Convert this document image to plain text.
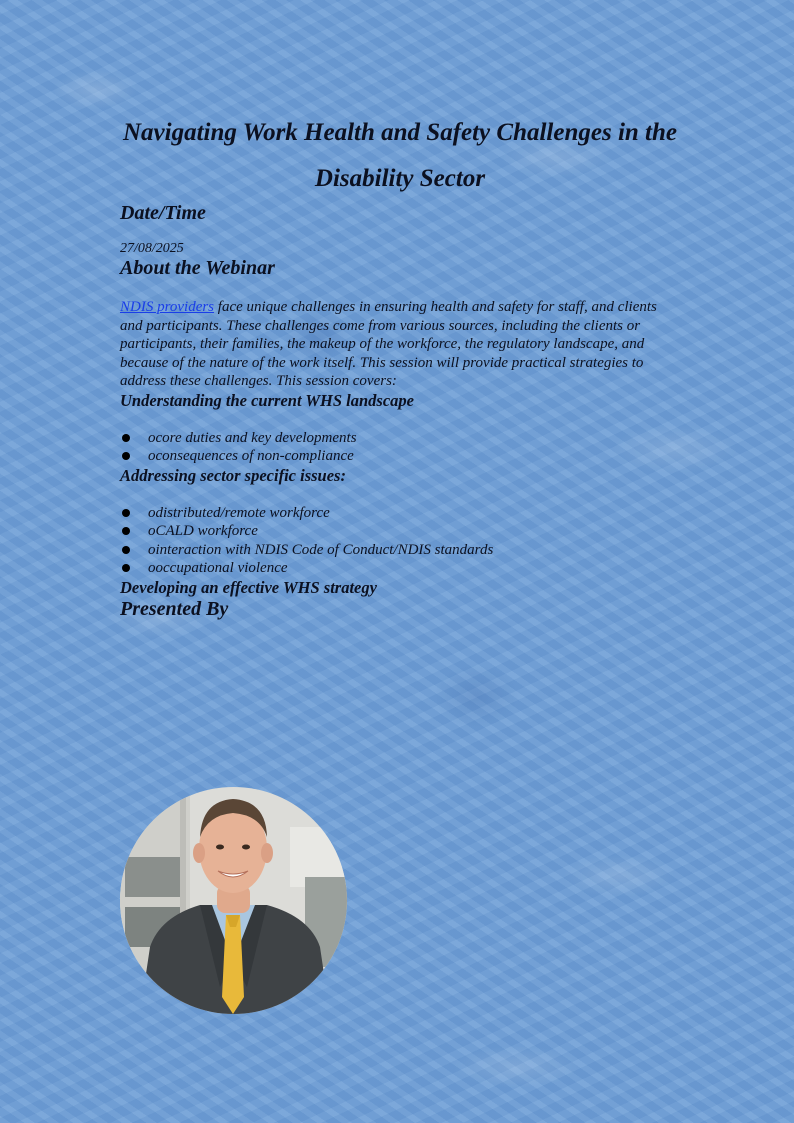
Navigating Work Health and Safety Challenges in the Disability Sector
Date/Time

27/08/2025

About the Webinar

NDIS providers face unique challenges in ensuring health and safety for staff, and clients and participants. These challenges come from various sources, including the clients or participants, their families, the makeup of the workforce, the regulatory landscape, and because of the nature of the work itself. This session will provide practical strategies to address these challenges. This session covers:

Understanding the current WHS landscape
ocore duties and key developments
oconsequences of non-compliance
Addressing sector specific issues:
odistributed/remote workforce
oCALD workforce
ointeraction with NDIS Code of Conduct/NDIS standards
ooccupational violence
Developing an effective WHS strategy
Presented By
